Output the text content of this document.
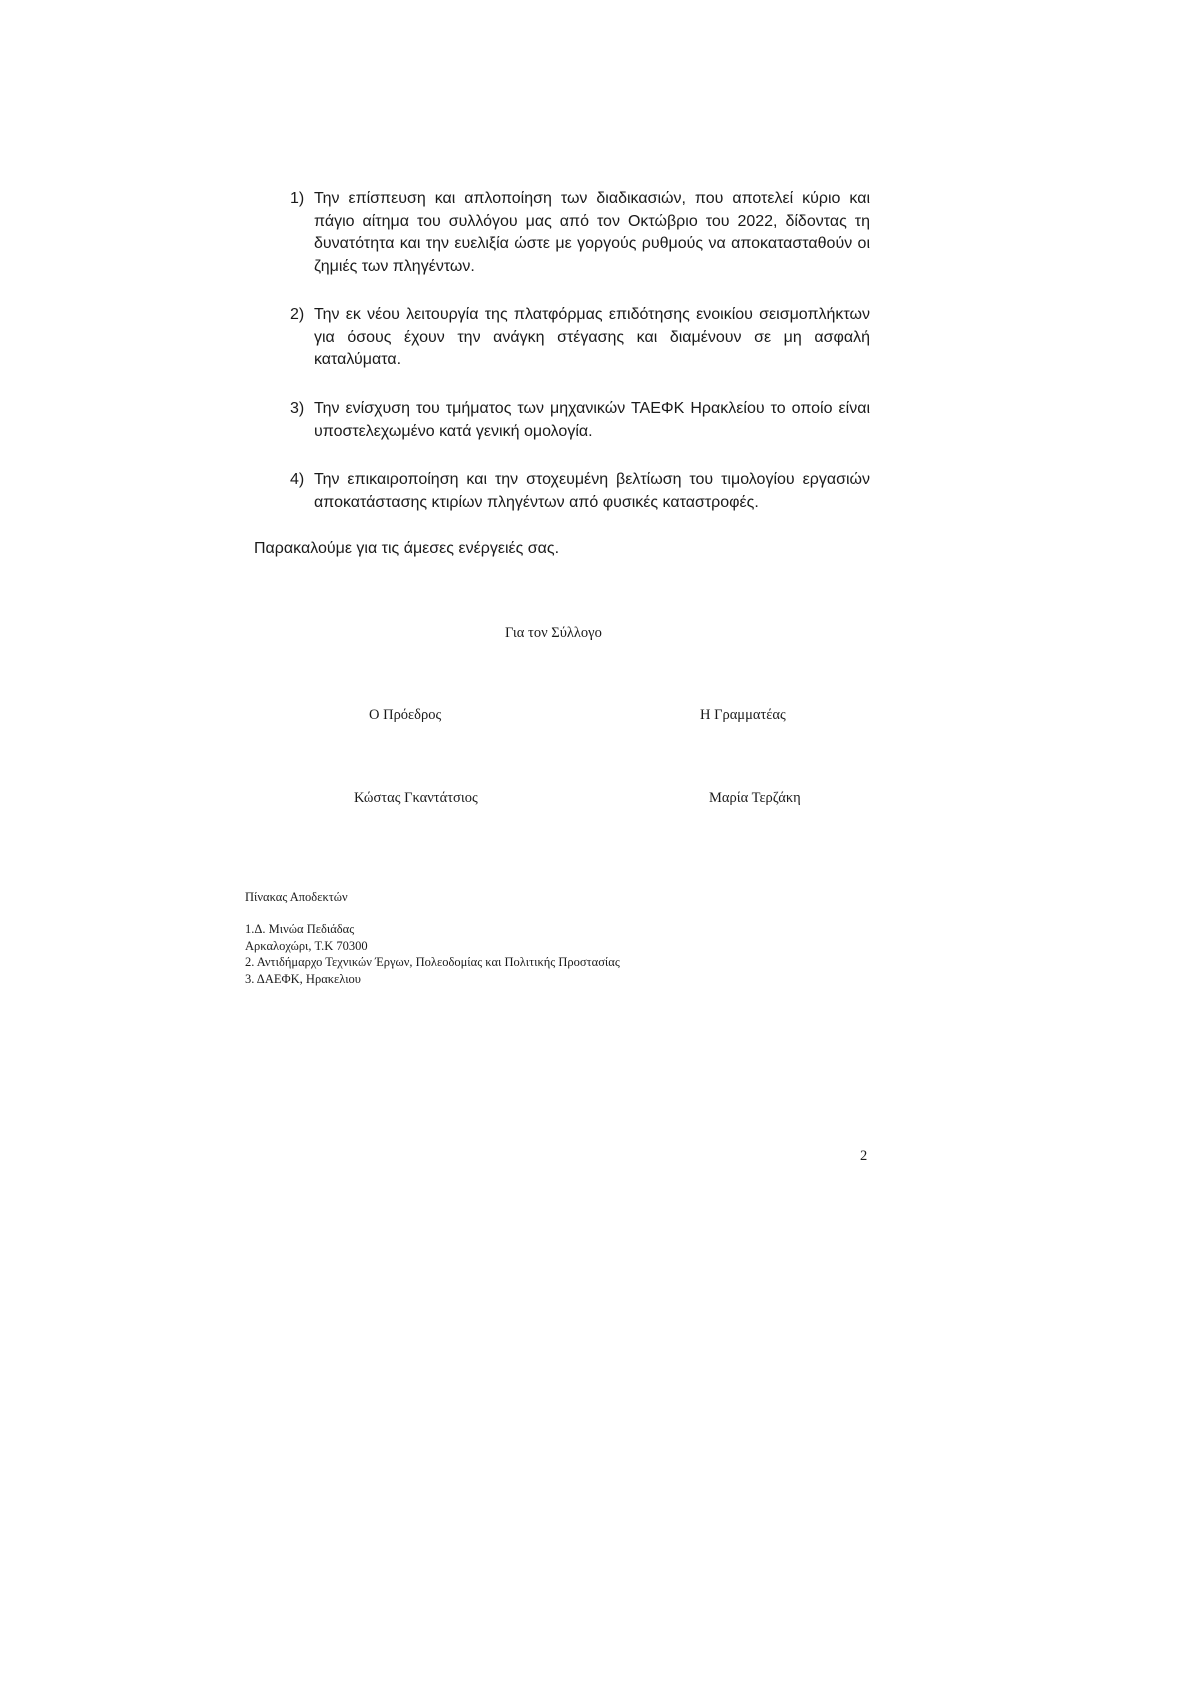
1) Την επίσπευση και απλοποίηση των διαδικασιών, που αποτελεί κύριο και πάγιο αίτημα του συλλόγου μας από τον Οκτώβριο του 2022, δίδοντας τη δυνατότητα και την ευελιξία ώστε με γοργούς ρυθμούς να αποκατασταθούν οι ζημιές των πληγέντων.
2) Την εκ νέου λειτουργία της πλατφόρμας επιδότησης ενοικίου σεισμοπλήκτων για όσους έχουν την ανάγκη στέγασης και διαμένουν σε μη ασφαλή καταλύματα.
3) Την ενίσχυση του τμήματος των μηχανικών ΤΑΕΦΚ Ηρακλείου το οποίο είναι υποστελεχωμένο κατά γενική ομολογία.
4) Την επικαιροποίηση και την στοχευμένη βελτίωση του τιμολογίου εργασιών αποκατάστασης κτιρίων πληγέντων από φυσικές καταστροφές.
Παρακαλούμε για τις άμεσες ενέργειές σας.
Για τον Σύλλογο
Ο Πρόεδρος	Η Γραμματέας
Κώστας Γκαντάτσιος	Μαρία Τερζάκη
Πίνακας Αποδεκτών
1.Δ. Μινώα Πεδιάδας
Αρκαλοχώρι, Τ.Κ 70300
2. Αντιδήμαρχο Τεχνικών Έργων, Πολεοδομίας και Πολιτικής Προστασίας
3. ΔΑΕΦΚ, Ηρακελιου
2
